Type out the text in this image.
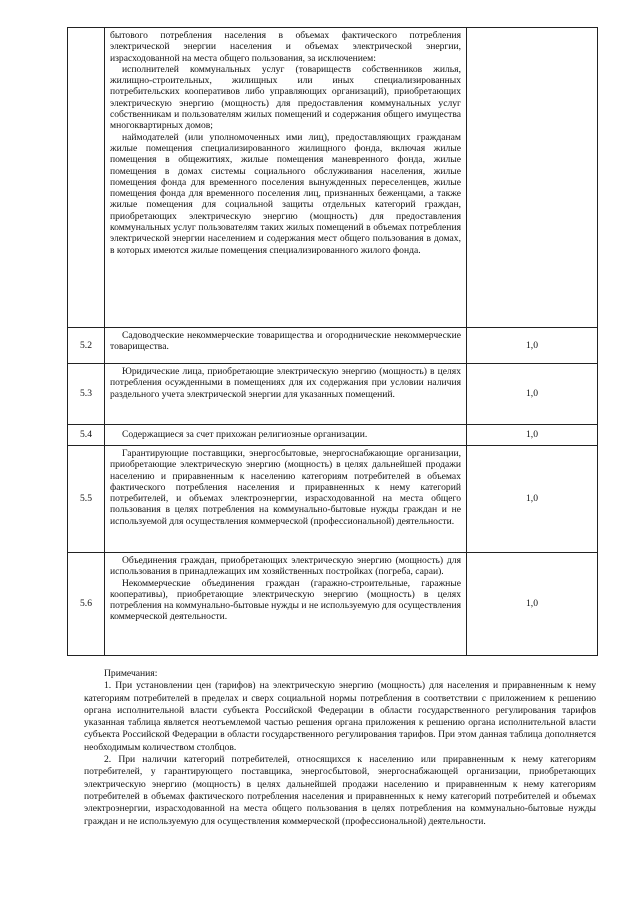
	бытового потребления населения в объемах фактического потребления электрической энергии населения и объемах электрической энергии, израсходованной на места общего пользования, за исключением:

исполнителей коммунальных услуг (товариществ собственников жилья, жилищно-строительных, жилищных или иных специализированных потребительских кооперативов либо управляющих организаций), приобретающих электрическую энергию (мощность) для предоставления коммунальных услуг собственникам и пользователям жилых помещений и содержания общего имущества многоквартирных домов;

наймодателей (или уполномоченных ими лиц), предоставляющих гражданам жилые помещения специализированного жилищного фонда, включая жилые помещения в общежитиях, жилые помещения маневренного фонда, жилые помещения в домах системы социального обслуживания населения, жилые помещения фонда для временного поселения вынужденных переселенцев, жилые помещения фонда для временного поселения лиц, признанных беженцами, а также жилые помещения для социальной защиты отдельных категорий граждан, приобретающих электрическую энергию (мощность) для предоставления коммунальных услуг пользователям таких жилых помещений в объемах потребления электрической энергии населением и содержания мест общего пользования в домах, в которых имеются жилые помещения специализированного жилого фонда.	

5.2	Садоводческие некоммерческие товарищества и огороднические некоммерческие товарищества.	1,0
5.3	Юридические лица, приобретающие электрическую энергию (мощность) в целях потребления осужденными в помещениях для их содержания при условии наличия раздельного учета электрической энергии для указанных помещений.	1,0
5.4	Содержащиеся за счет прихожан религиозные организации.	1,0
5.5	Гарантирующие поставщики, энергосбытовые, энергоснабжающие организации, приобретающие электрическую энергию (мощность) в целях дальнейшей продажи населению и приравненным к населению категориям потребителей в объемах фактического потребления населения и приравненных к нему категорий потребителей, и объемах электроэнергии, израсходованной на места общего пользования в целях потребления на коммунально-бытовые нужды граждан и не используемой для осуществления коммерческой (профессиональной) деятельности.	1,0
5.6	Объединения граждан, приобретающих электрическую энергию (мощность) для использования в принадлежащих им хозяйственных постройках (погреба, сараи).

Некоммерческие объединения граждан (гаражно-строительные, гаражные кооперативы), приобретающие электрическую энергию (мощность) в целях потребления на коммунально-бытовые нужды и не используемую для осуществления коммерческой деятельности.	1,0

Примечания:

1. При установлении цен (тарифов) на электрическую энергию (мощность) для населения и приравненным к нему категориям потребителей в пределах и сверх социальной нормы потребления в соответствии с приложением к решению органа исполнительной власти субъекта Российской Федерации в области государственного регулирования тарифов указанная таблица является неотъемлемой частью решения органа приложения к решению органа исполнительной власти субъекта Российской Федерации в области государственного регулирования тарифов. При этом данная таблица дополняется необходимым количеством столбцов.

2. При наличии категорий потребителей, относящихся к населению или приравненным к нему категориям потребителей, у гарантирующего поставщика, энергосбытовой, энергоснабжающей организации, приобретающих электрическую энергию (мощность) в целях дальнейшей продажи населению и приравненным к нему категориям потребителей в объемах фактического потребления населения и приравненных к нему категорий потребителей и объемах электроэнергии, израсходованной на места общего пользования в целях потребления на коммунально-бытовые нужды граждан и не используемую для осуществления коммерческой (профессиональной) деятельности.
